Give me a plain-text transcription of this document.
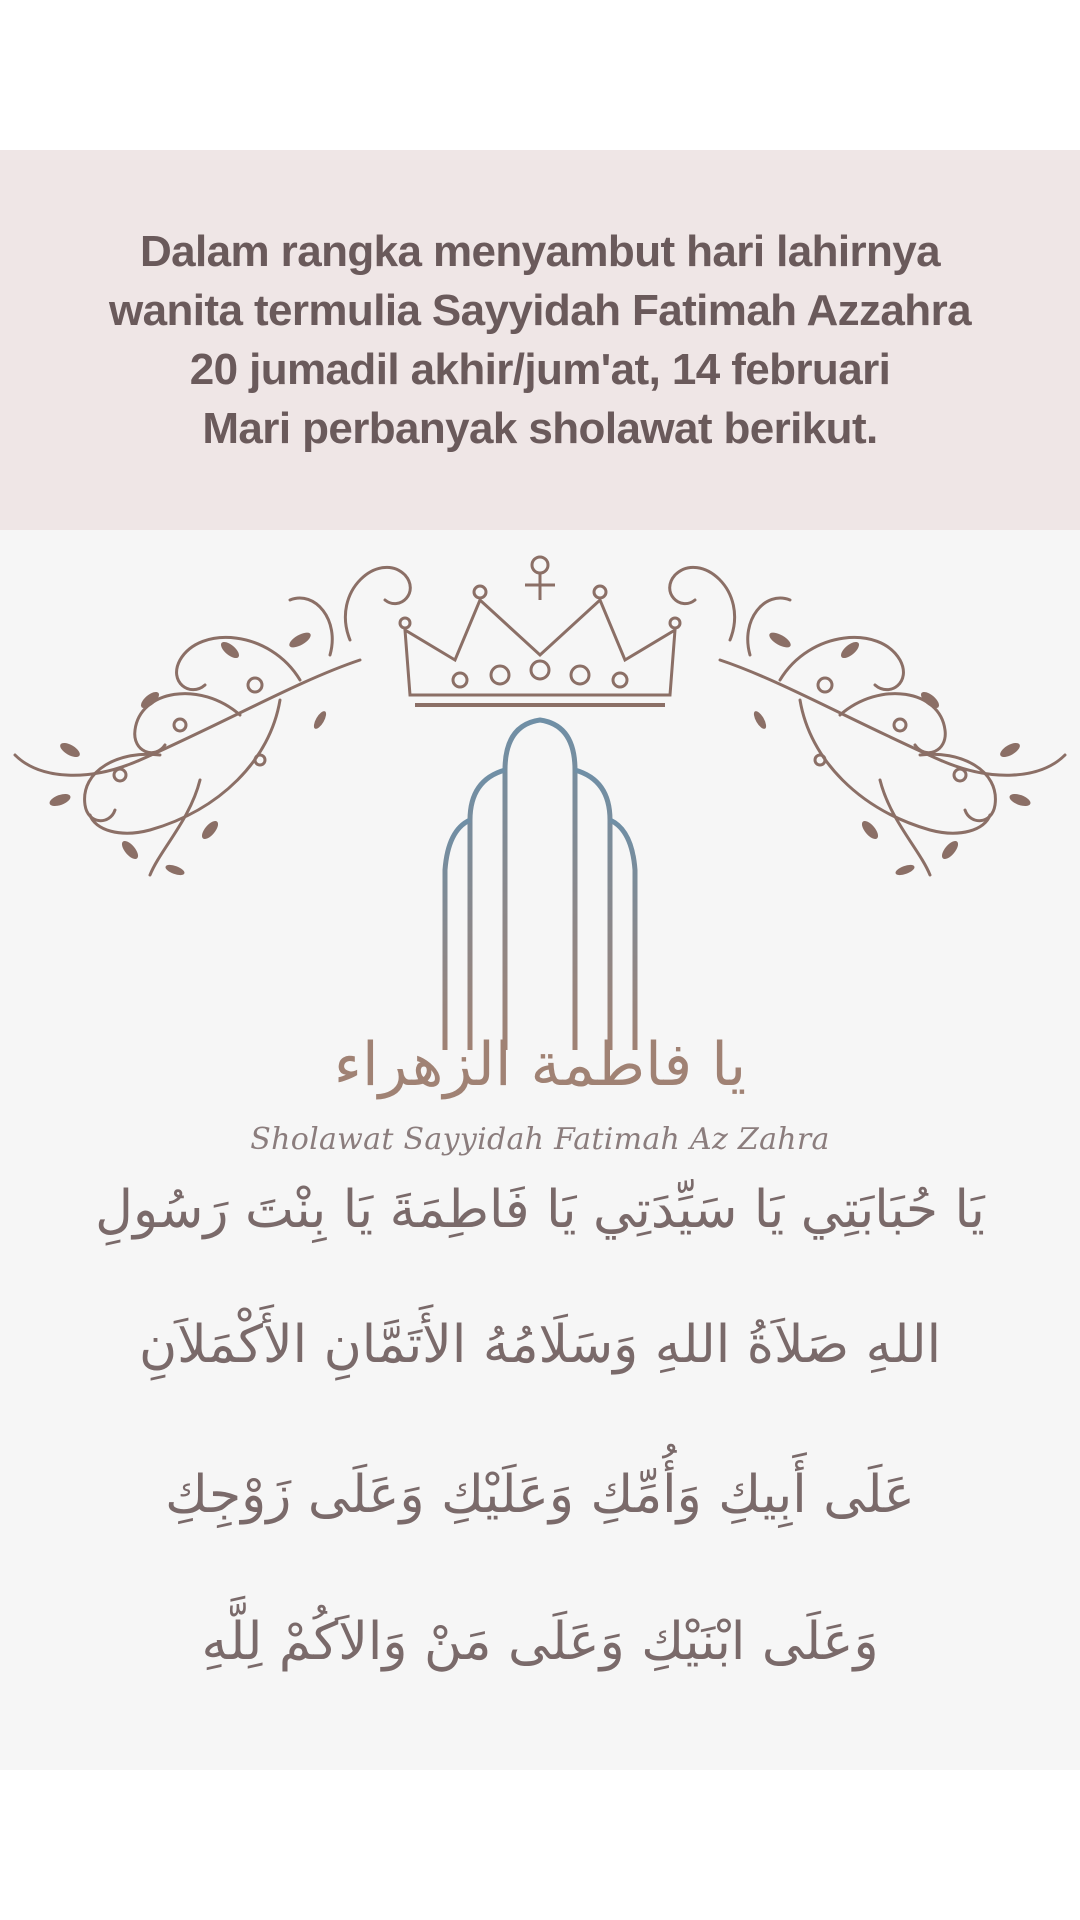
Dalam rangka menyambut hari lahirnya
wanita termulia Sayyidah Fatimah Azzahra
20 jumadil akhir/jum'at, 14 februari
Mari perbanyak sholawat berikut.
يا فاطمة الزهراء
Sholawat Sayyidah Fatimah Az Zahra
يَا حُبَابَتِي يَا سَيِّدَتِي يَا فَاطِمَةَ يَا بِنْتَ رَسُولِ
اللهِ صَلاَةُ اللهِ وَسَلَامُهُ الأَتَمَّانِ الأَكْمَلاَنِ
عَلَى أَبِيكِ وَأُمِّكِ وَعَلَيْكِ وَعَلَى زَوْجِكِ
وَعَلَى ابْنَيْكِ وَعَلَى مَنْ وَالاَكُمْ لِلَّهِ
